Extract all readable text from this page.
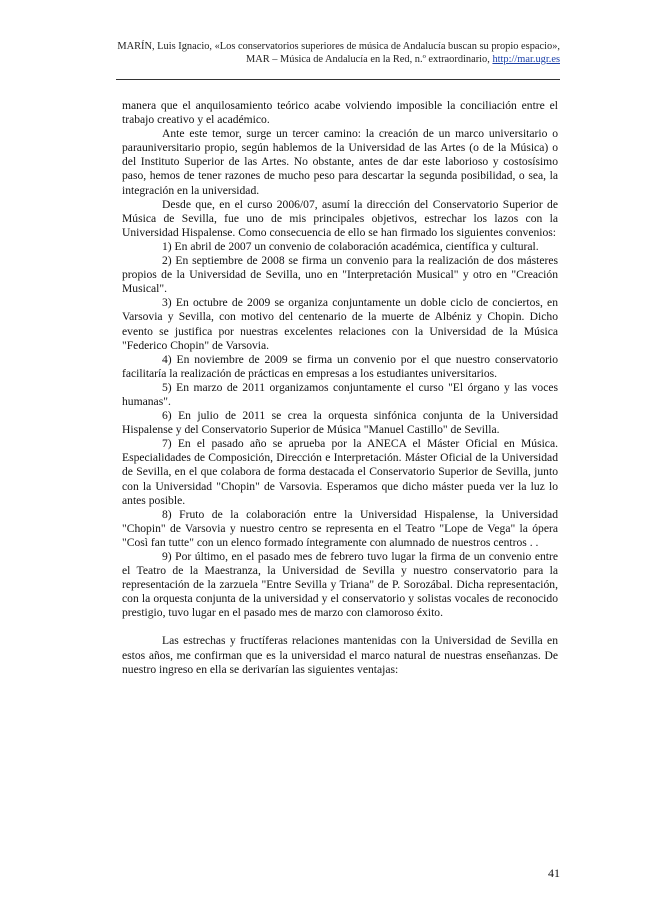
MARÍN, Luis Ignacio, «Los conservatorios superiores de música de Andalucía buscan su propio espacio», MAR – Música de Andalucía en la Red, n.º extraordinario, http://mar.ugr.es

manera que el anquilosamiento teórico acabe volviendo imposible la conciliación entre el trabajo creativo y el académico.

Ante este temor, surge un tercer camino: la creación de un marco universitario o parauniversitario propio, según hablemos de la Universidad de las Artes (o de la Música) o del Instituto Superior de las Artes. No obstante, antes de dar este laborioso y costosísimo paso, hemos de tener razones de mucho peso para descartar la segunda posibilidad, o sea, la integración en la universidad.

Desde que, en el curso 2006/07, asumí la dirección del Conservatorio Superior de Música de Sevilla, fue uno de mis principales objetivos, estrechar los lazos con la Universidad Hispalense. Como consecuencia de ello se han firmado los siguientes convenios:

1) En abril de 2007 un convenio de colaboración académica, científica y cultural.

2) En septiembre de 2008 se firma un convenio para la realización de dos másteres propios de la Universidad de Sevilla, uno en "Interpretación Musical" y otro en "Creación Musical".

3) En octubre de 2009 se organiza conjuntamente un doble ciclo de conciertos, en Varsovia y Sevilla, con motivo del centenario de la muerte de Albéniz y Chopin. Dicho evento se justifica por nuestras excelentes relaciones con la Universidad de la Música "Federico Chopin" de Varsovia.

4) En noviembre de 2009 se firma un convenio por el que nuestro conservatorio facilitaría la realización de prácticas en empresas a los estudiantes universitarios.

5) En marzo de 2011 organizamos conjuntamente el curso "El órgano y las voces humanas".

6) En julio de 2011 se crea la orquesta sinfónica conjunta de la Universidad Hispalense y del Conservatorio Superior de Música "Manuel Castillo" de Sevilla.

7) En el pasado año se aprueba por la ANECA el Máster Oficial en Música. Especialidades de Composición, Dirección e Interpretación. Máster Oficial de la Universidad de Sevilla, en el que colabora de forma destacada el Conservatorio Superior de Sevilla, junto con la Universidad "Chopin" de Varsovia. Esperamos que dicho máster pueda ver la luz lo antes posible.

8) Fruto de la colaboración entre la Universidad Hispalense, la Universidad "Chopin" de Varsovia y nuestro centro se representa en el Teatro "Lope de Vega" la ópera "Così fan tutte" con un elenco formado íntegramente con alumnado de nuestros centros . .

9) Por último, en el pasado mes de febrero tuvo lugar la firma de un convenio entre el Teatro de la Maestranza, la Universidad de Sevilla y nuestro conservatorio para la representación de la zarzuela "Entre Sevilla y Triana" de P. Sorozábal. Dicha representación, con la orquesta conjunta de la universidad y el conservatorio y solistas vocales de reconocido prestigio, tuvo lugar en el pasado mes de marzo con clamoroso éxito.

Las estrechas y fructíferas relaciones mantenidas con la Universidad de Sevilla en estos años, me confirman que es la universidad el marco natural de nuestras enseñanzas. De nuestro ingreso en ella se derivarían las siguientes ventajas:

41
